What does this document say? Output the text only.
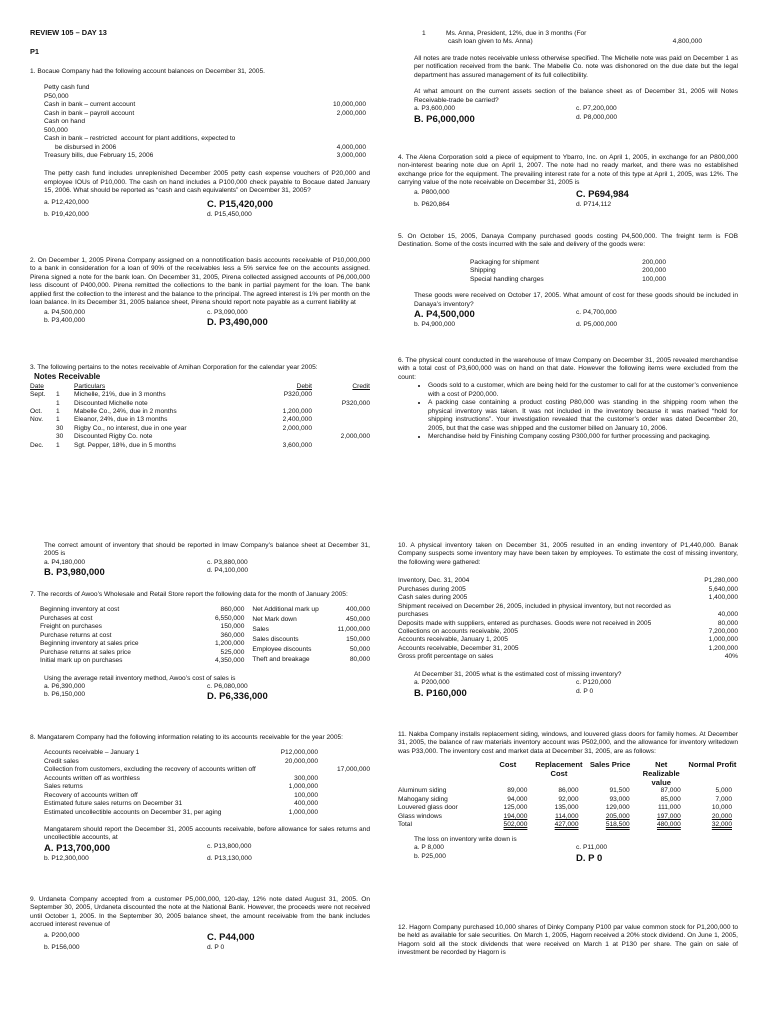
REVIEW 105 – DAY 13
P1

1. Bocaue Company had the following account balances on December 31, 2005.

Petty cash fund	
P50,000	
Cash in bank – current account	10,000,000
Cash in bank – payroll account	2,000,000
Cash on hand	
500,000	
Cash in bank – restricted  account for plant additions, expected to	
be disbursed in 2006	4,000,000
Treasury bills, due February 15, 2006	3,000,000

The petty cash fund includes unreplenished December 2005 petty cash expense vouchers of P20,000 and employee IOUs of P10,000. The cash on hand includes a P100,000 check payable to Bocaue dated January 15, 2006. What should be reported as “cash and cash equivalents” on December 31, 2005?

a. P12,420,000	C. P15,420,000
b. P19,420,000	d. P15,450,000

2. On December 1, 2005 Pirena Company assigned on a nonnotification basis accounts receivable of P10,000,000 to a bank in consideration for a loan of 90% of the receivables less a 5% service fee on the accounts assigned. Pirena signed a note for the bank loan. On December 31, 2005, Pirena collected assigned accounts of P6,000,000 less discount of P400,000. Pirena remitted the collections to the bank in partial payment for the loan. The bank applied first the collection to the interest and the balance to the principal. The agreed interest is 1% per month on the loan balance. In its December 31, 2005 balance sheet, Pirena should report note payable as a current liability at

a. P4,500,000	c. P3,090,000
b. P3,400,000	D. P3,490,000

3. The following pertains to the notes receivable of Amihan Corporation for the calendar year 2005:

Notes Receivable
Date	Particulars	Debit	Credit
Sept. 1	Michelle, 21%, due in 3 months	P320,000	
1	Discounted Michelle note		P320,000
Oct. 1	Mabelle Co., 24%, due in 2 months	1,200,000	
Nov. 1	Eleanor, 24%, due in 13 months	2,400,000	
30	Rigby Co., no interest, due in one year	2,000,000	
30	Discounted Rigby Co. note		2,000,000
Dec. 1	Sgt. Pepper, 18%, due in 5 months	3,600,000	
1	Ms. Anna, President, 12%, due in 3 months (For
cash loan given to Ms. Anna)	4,800,000

All notes are trade notes receivable unless otherwise specified. The Michelle note was paid on December 1 as per notification received from the bank. The Mabelle Co. note was dishonored on the due date but the legal department has assured management of its full collectibility.

At what amount on the current assets section of the balance sheet as of December 31, 2005 will Notes Receivable-trade be carried?

a. P3,600,000	c. P7,200,000
B. P6,000,000	d. P8,000,000

4. The Alena Corporation sold a piece of equipment to Ybarro, Inc. on April 1, 2005, in exchange for an P800,000 non-interest bearing note due on April 1, 2007. The note had no ready market, and there was no established exchange price for the equipment. The prevailing interest rate for a note of this type at April 1, 2005, was 12%. The carrying value of the note receivable on December 31, 2005 is

a. P800,000	C. P694,984
b. P620,864	d. P714,112

5. On October 15, 2005, Danaya Company purchased goods costing P4,500,000. The freight term is FOB Destination. Some of the costs incurred with the sale and delivery of the goods were:

Packaging for shipment	200,000
Shipping	200,000
Special handling charges	100,000

These goods were received on October 17, 2005. What amount of cost for these goods should be included in Danaya’s inventory?

A. P4,500,000	c. P4,700,000
b. P4,900,000	d. P5,000,000

6. The physical count conducted in the warehouse of Imaw Company on December 31, 2005 revealed merchandise with a total cost of P3,600,000 was on hand on that date. However the following items were excluded from the count:

• Goods sold to a customer, which are being held for the customer to call for at the customer’s convenience with a cost of P200,000.
• A packing case containing a product costing P80,000 was standing in the shipping room when the physical inventory was taken. It was not included in the inventory because it was marked “hold for shipping instructions”. Your investigation revealed that the customer’s order was dated December 20, 2005, but that the case was shipped and the customer billed on January 10, 2006.
• Merchandise held by Finishing Company costing P300,000 for further processing and packaging.

The correct amount of inventory that should be reported in Imaw Company’s balance sheet at December 31, 2005 is

a. P4,180,000	c. P3,880,000
B. P3,980,000	d. P4,100,000

7. The records of Awoo’s Wholesale and Retail Store report the following data for the month of January 2005:

Beginning inventory at cost	860,000
Purchases at cost	6,550,000
Freight on purchases	150,000
Purchase returns at cost	360,000
Beginning inventory at sales price	1,200,000
Purchase returns at sales price	525,000
Initial mark up on purchases	4,350,000
Net Additional mark up	400,000
Net Mark down	450,000
Sales	11,000,000
Sales discounts	150,000
Employee discounts	50,000
Theft and breakage	80,000

Using the average retail inventory method, Awoo’s cost of sales is

a. P6,390,000	c. P6,080,000
b. P6,150,000	D. P6,336,000

8. Mangatarem Company had the following information relating to its accounts receivable for the year 2005:

Accounts receivable – January 1	P12,000,000	
Credit sales	20,000,000	
Collection from customers, excluding the recovery of accounts written off		17,000,000
Accounts written off as worthless	300,000	
Sales returns	1,000,000	
Recovery of accounts written off	100,000	
Estimated future sales returns on December 31	400,000	
Estimated uncollectible accounts on December 31, per aging	1,000,000	

Mangatarem should report the December 31, 2005 accounts receivable, before allowance for sales returns and uncollectible accounts, at

A. P13,700,000	c. P13,800,000
b. P12,300,000	d. P13,130,000

9. Urdaneta Company accepted from a customer P5,000,000, 120-day, 12% note dated August 31, 2005. On September 30, 2005, Urdaneta discounted the note at the National Bank. However, the proceeds were not received until October 1, 2005. In the September 30, 2005 balance sheet, the amount receivable from the bank includes accrued interest revenue of

a. P200,000	C. P44,000
b. P156,000	d. P 0

10. A physical inventory taken on December 31, 2005 resulted in an ending inventory of P1,440,000. Banak Company suspects some inventory may have been taken by employees. To estimate the cost of missing inventory, the following were gathered:

Inventory, Dec. 31, 2004	P1,280,000
Purchases during 2005	5,640,000
Cash sales during 2005	1,400,000
Shipment received on December 26, 2005, included in physical inventory, but not recorded as purchases	40,000
Deposits made with suppliers, entered as purchases. Goods were not received in 2005	80,000
Collections on accounts receivable, 2005	7,200,000
Accounts receivable, January 1, 2005	1,000,000
Accounts receivable, December 31, 2005	1,200,000
Gross profit percentage on sales	40%

At December 31, 2005 what is the estimated cost of missing inventory?

a. P200,000	c. P120,000
B. P160,000	d. P 0

11. Nakba Company installs replacement siding, windows, and louvered glass doors for family homes. At December 31, 2005, the balance of raw materials inventory account was P502,000, and the allowance for inventory writedown was P33,000. The inventory cost and market data at December 31, 2005, are as follows:

	Cost	Replacement Cost	Sales Price	Net Realizable value	Normal Profit
Aluminum siding	89,000	86,000	91,500	87,000	5,000
Mahogany siding	94,000	92,000	93,000	85,000	7,000
Louvered glass door	125,000	135,000	129,000	111,000	10,000
Glass windows	194,000	114,000	205,000	197,000	20,000
Total	502,000	427,000	518,500	480,000	32,000

The loss on inventory write down is

a. P 8,000	c. P11,000
b. P25,000	D. P 0

12. Hagorn Company purchased 10,000 shares of Dinky Company P100 par value common stock for P1,200,000 to be held as available for sale securities. On March 1, 2005, Hagorn received a 20% stock dividend. On June 1, 2005, Hagorn sold all the stock dividends that were received on March 1 at P130 per share. The gain on sale of investment be recorded by Hagorn is
